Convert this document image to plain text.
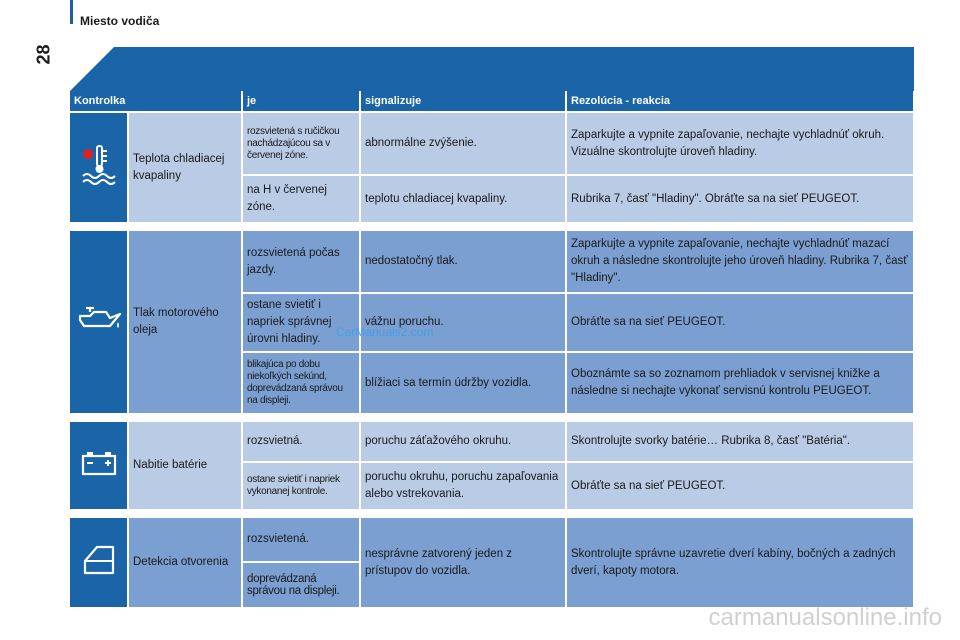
28
Miesto vodiča
Kontrolka		je	signalizuje	Rezolúcia - reakcia
	Teplota chladiacej kvapaliny	rozsvietená s ručičkou nachádzajúcou sa v červenej zóne.	abnormálne zvýšenie.	Zaparkujte a vypnite zapaľovanie, nechajte vychladnúť okruh. Vizuálne skontrolujte úroveň hladiny.
		na H v červenej zóne.	teplotu chladiacej kvapaliny.	Rubrika 7, časť "Hladiny". Obráťte sa na sieť PEUGEOT.

	Tlak motorového oleja	rozsvietená počas jazdy.	nedostatočný tlak.	Zaparkujte a vypnite zapaľovanie, nechajte vychladnúť mazací okruh a následne skontrolujte jeho úroveň hladiny. Rubrika 7, časť "Hladiny".
		ostane svietiť i napriek správnej úrovni hladiny.	vážnu poruchu.	Obráťte sa na sieť PEUGEOT.
		blikajúca po dobu niekoľkých sekúnd, doprevádzaná správou na displeji.	blížiaci sa termín údržby vozidla.	Oboznámte sa so zoznamom prehliadok v servisnej knižke a následne si nechajte vykonať servisnú kontrolu PEUGEOT.

	Nabitie batérie	rozsvietná.	poruchu záťažového okruhu.	Skontrolujte svorky batérie… Rubrika 8, časť "Batéria".
		ostane svietiť i napriek vykonanej kontrole.	poruchu okruhu, poruchu zapaľovania alebo vstrekovania.	Obráťte sa na sieť PEUGEOT.

	Detekcia otvorenia	rozsvietená.	nesprávne zatvorený jeden z prístupov do vozidla.	Skontrolujte správne uzavretie dverí kabíny, bočných a zadných dverí, kapoty motora.
		doprevádzaná správou na displeji.		
CarManuals2.com
carmanualsonline.info
